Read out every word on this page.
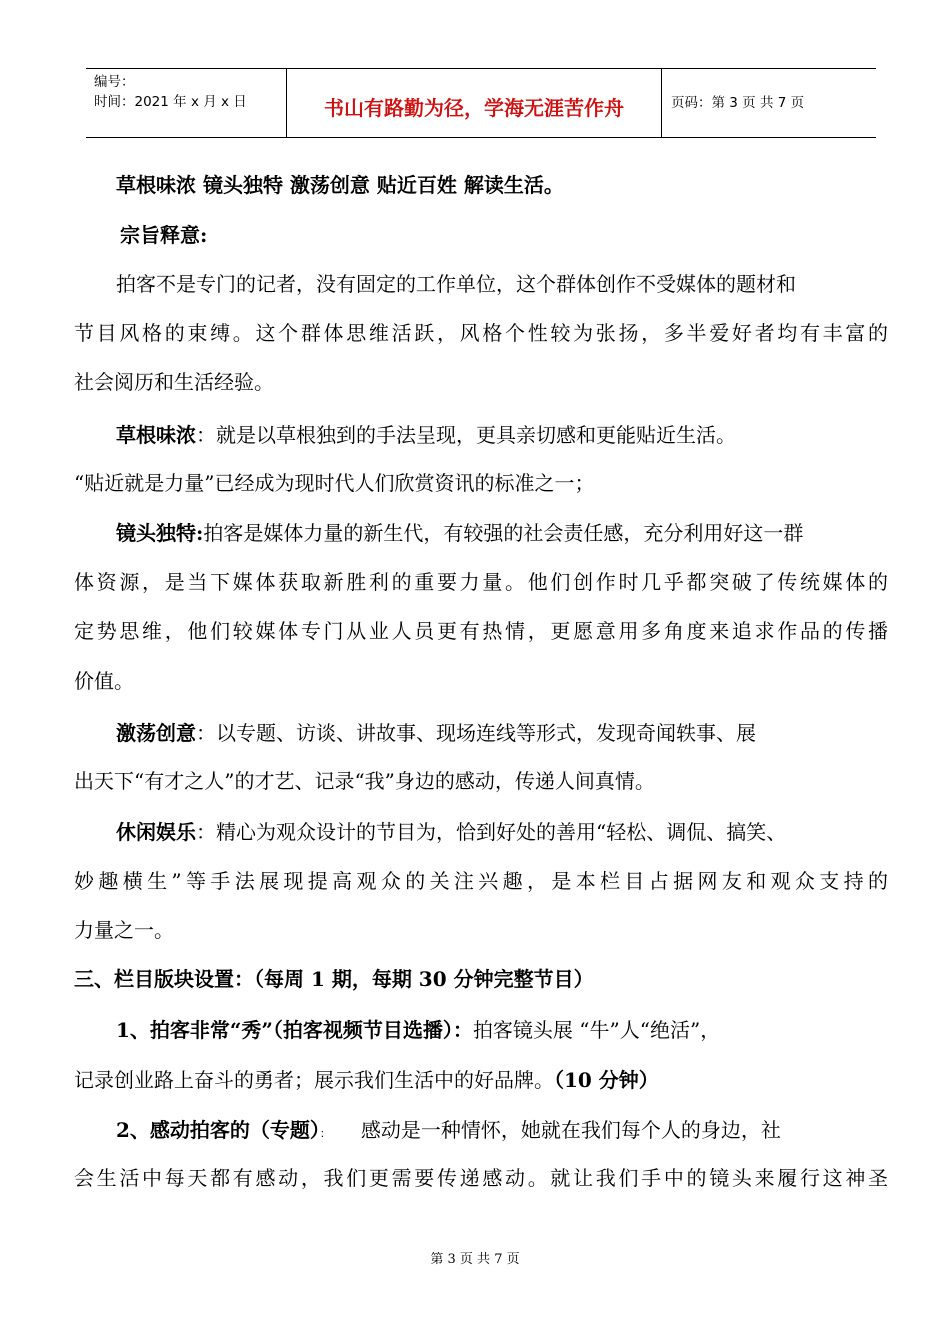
编号：
时间：2021 年 x 月 x 日	书山有路勤为径，学海无涯苦作舟	页码：第 3 页 共 7 页
草根味浓 镜头独特 激荡创意 贴近百姓 解读生活。
宗旨释意:
拍客不是专门的记者，没有固定的工作单位，这个群体创作不受媒体的题材和
节目风格的束缚。这个群体思维活跃，风格个性较为张扬，多半爱好者均有丰富的
社会阅历和生活经验。
草根味浓：就是以草根独到的手法呈现，更具亲切感和更能贴近生活。
“贴近就是力量”已经成为现时代人们欣赏资讯的标准之一；
镜头独特:拍客是媒体力量的新生代，有较强的社会责任感，充分利用好这一群
体资源，是当下媒体获取新胜利的重要力量。他们创作时几乎都突破了传统媒体的
定势思维，他们较媒体专门从业人员更有热情，更愿意用多角度来追求作品的传播
价值。
激荡创意：以专题、访谈、讲故事、现场连线等形式，发现奇闻轶事、展
出天下“有才之人”的才艺、记录“我”身边的感动，传递人间真情。
休闲娱乐：精心为观众设计的节目为，恰到好处的善用“轻松、调侃、搞笑、
妙趣横生”等手法展现提高观众的关注兴趣，是本栏目占据网友和观众支持的
力量之一。
三、栏目版块设置：（每周 1 期，每期 30 分钟完整节目）
1、拍客非常“秀”（拍客视频节目选播）：拍客镜头展 “牛”人“绝活”，
记录创业路上奋斗的勇者；展示我们生活中的好品牌。（10 分钟）
2、感动拍客的（专题）： 感动是一种情怀，她就在我们每个人的身边，社
会生活中每天都有感动，我们更需要传递感动。就让我们手中的镜头来履行这神圣
第 3 页 共 7 页
